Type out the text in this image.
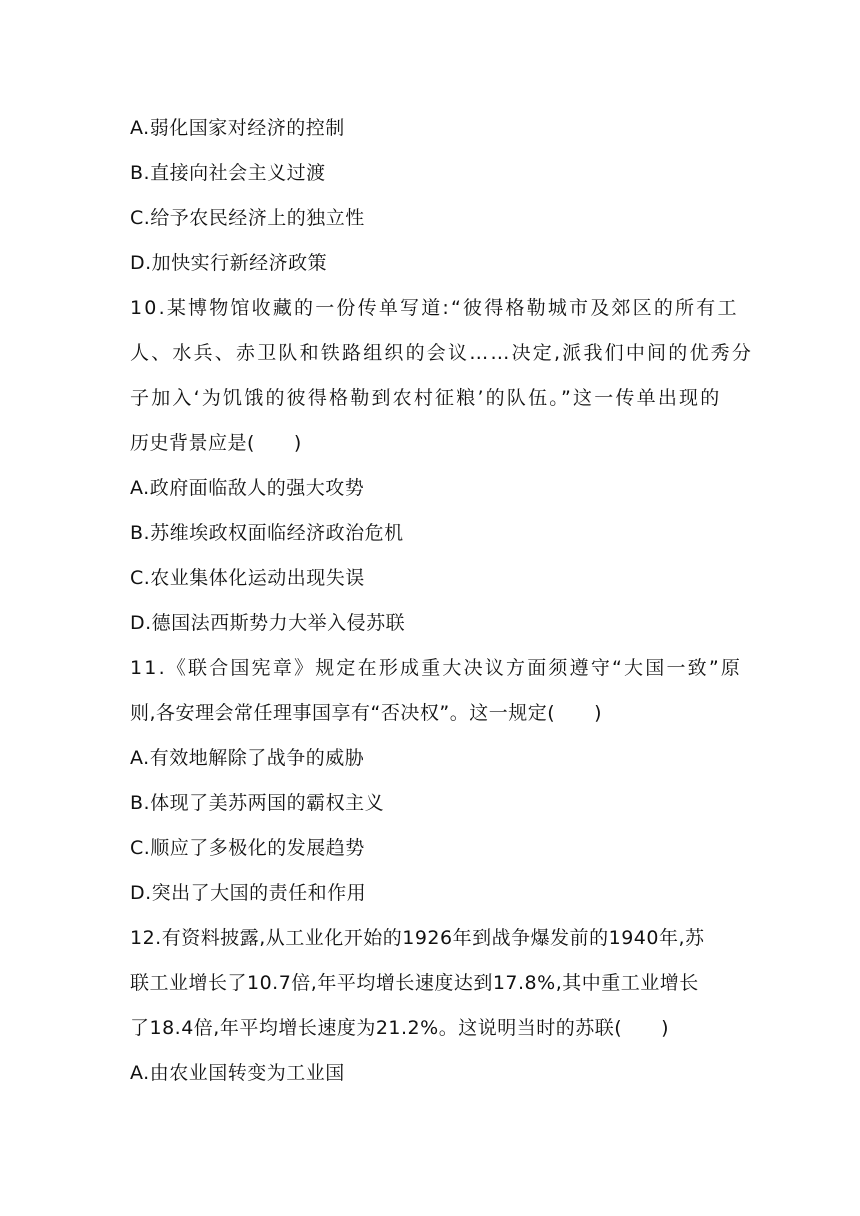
A.弱化国家对经济的控制
B.直接向社会主义过渡
C.给予农民经济上的独立性
D.加快实行新经济政策
10.某博物馆收藏的一份传单写道:“彼得格勒城市及郊区的所有工
人、水兵、赤卫队和铁路组织的会议……决定,派我们中间的优秀分
子加入‘为饥饿的彼得格勒到农村征粮’的队伍。”这一传单出现的
历史背景应是(　　)
A.政府面临敌人的强大攻势
B.苏维埃政权面临经济政治危机
C.农业集体化运动出现失误
D.德国法西斯势力大举入侵苏联
11.《联合国宪章》规定在形成重大决议方面须遵守“大国一致”原
则,各安理会常任理事国享有“否决权”。这一规定(　　)
A.有效地解除了战争的威胁
B.体现了美苏两国的霸权主义
C.顺应了多极化的发展趋势
D.突出了大国的责任和作用
12.有资料披露,从工业化开始的1926年到战争爆发前的1940年,苏
联工业增长了10.7倍,年平均增长速度达到17.8%,其中重工业增长
了18.4倍,年平均增长速度为21.2%。这说明当时的苏联(　　)
A.由农业国转变为工业国
